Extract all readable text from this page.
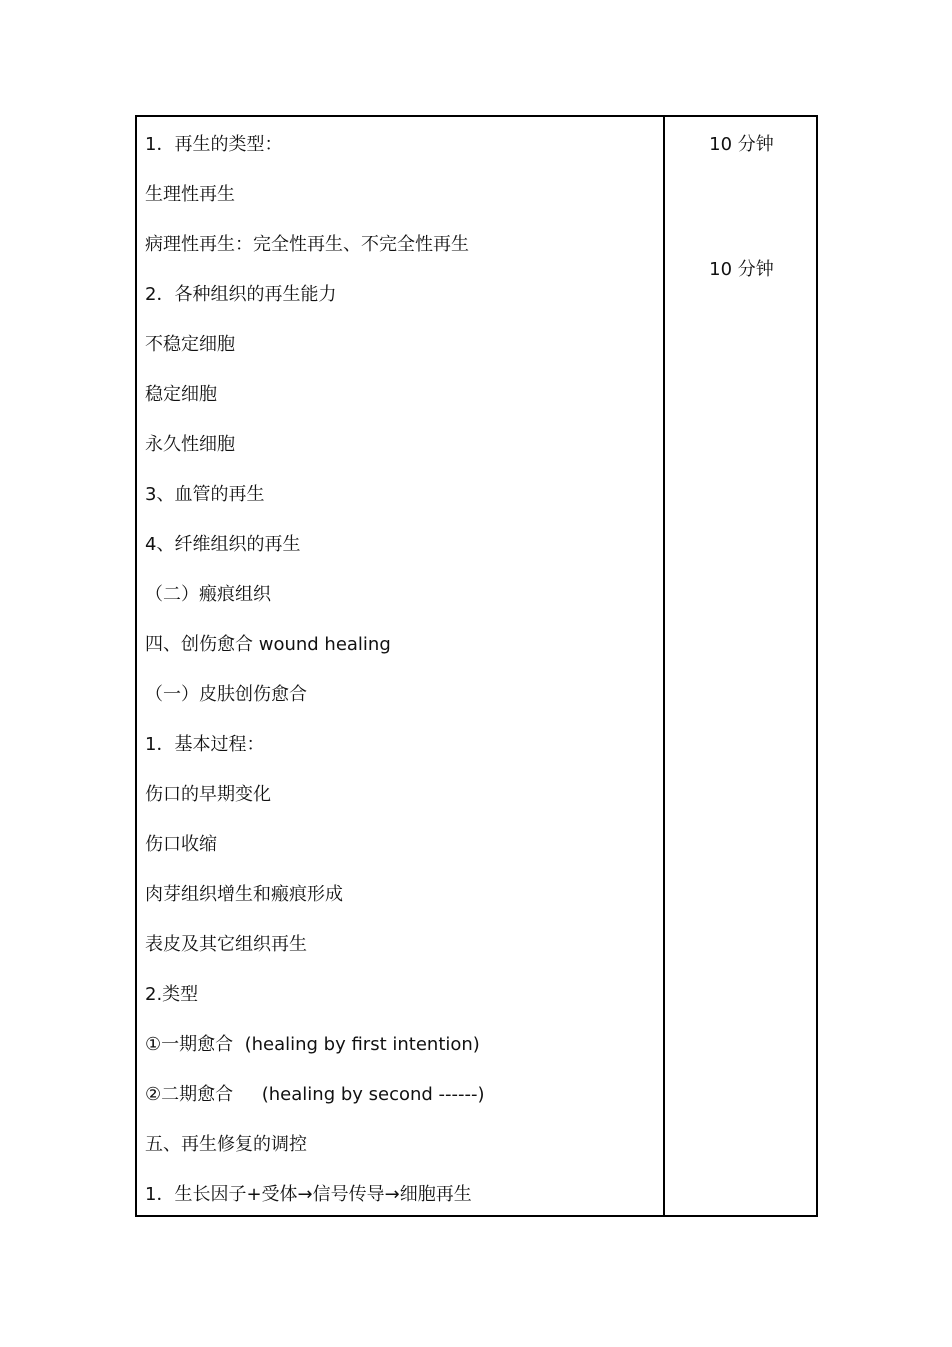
1．再生的类型：
生理性再生
病理性再生：完全性再生、不完全性再生
2．各种组织的再生能力
不稳定细胞
稳定细胞
永久性细胞
3、血管的再生
4、纤维组织的再生
（二）瘢痕组织
四、创伤愈合 wound healing
（一）皮肤创伤愈合
1．基本过程：
伤口的早期变化
伤口收缩
肉芽组织增生和瘢痕形成
表皮及其它组织再生
2.类型
①一期愈合  (healing by first intention)
②二期愈合     (healing by second ------)
五、再生修复的调控
1．生长因子+受体→信号传导→细胞再生
10 分钟
10 分钟
